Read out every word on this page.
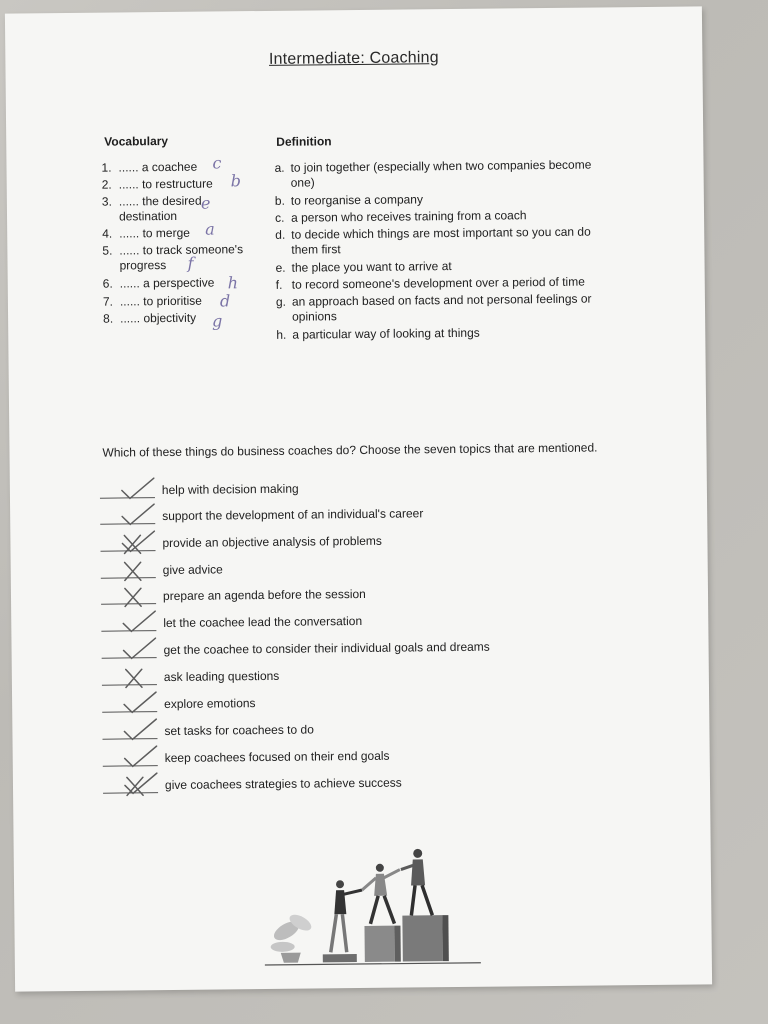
Intermediate: Coaching
Vocabulary	Definition
1. ...... a coachee
2. ...... to restructure
3. ...... the desired destination
4. ...... to merge
5. ...... to track someone's progress
6. ...... a perspective
7. ...... to prioritise
8. ...... objectivity
c
b
e
a
f
h
d
g
a. to join together (especially when two companies become one)
b. to reorganise a company
c. a person who receives training from a coach
d. to decide which things are most important so you can do them first
e. the place you want to arrive at
f. to record someone's development over a period of time
g. an approach based on facts and not personal feelings or opinions
h. a particular way of looking at things
Which of these things do business coaches do? Choose the seven topics that are mentioned.
help with decision making
support the development of an individual's career
provide an objective analysis of problems
give advice
prepare an agenda before the session
let the coachee lead the conversation
get the coachee to consider their individual goals and dreams
ask leading questions
explore emotions
set tasks for coachees to do
keep coachees focused on their end goals
give coachees strategies to achieve success
